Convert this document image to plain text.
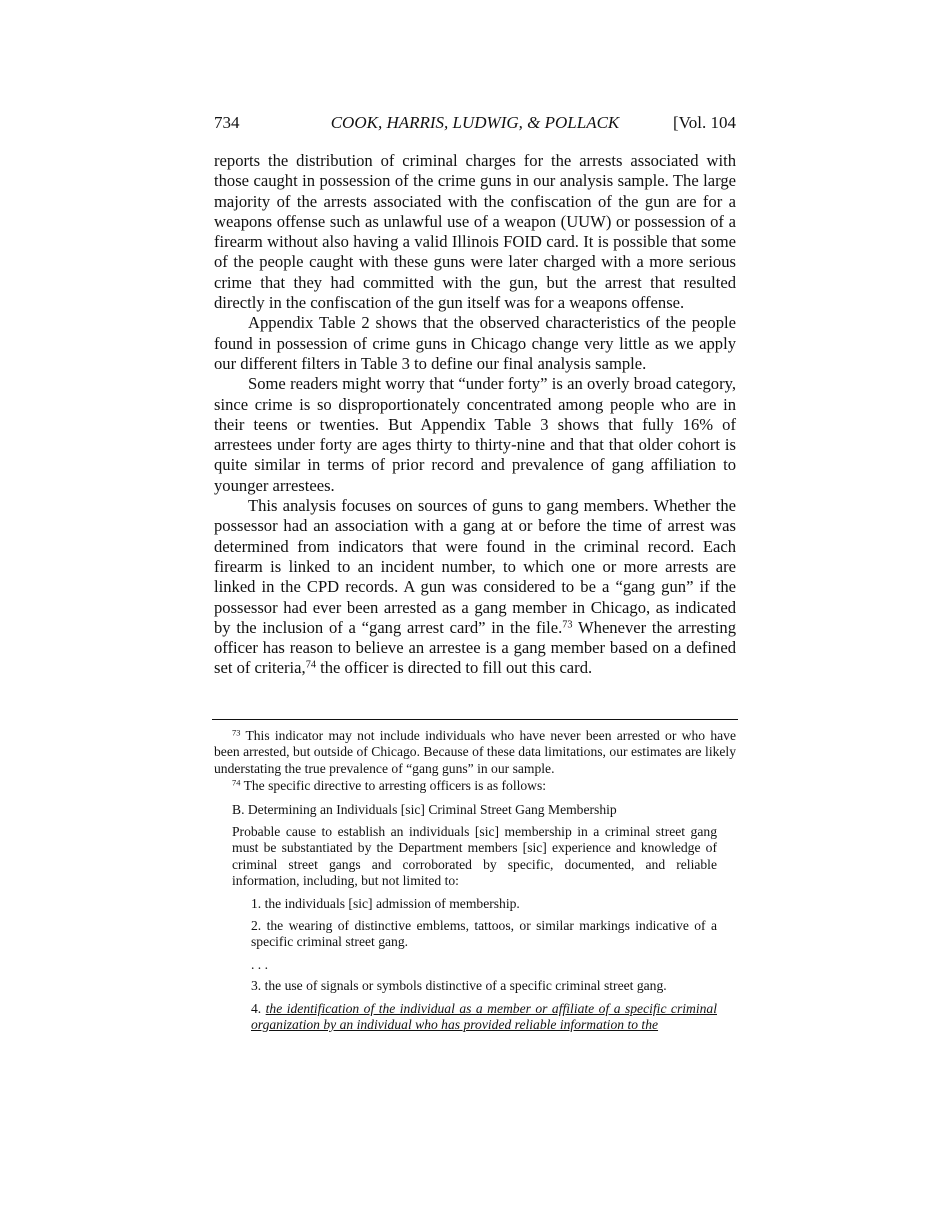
734	COOK, HARRIS, LUDWIG, & POLLACK	[Vol. 104

reports the distribution of criminal charges for the arrests associated with those caught in possession of the crime guns in our analysis sample. The large majority of the arrests associated with the confiscation of the gun are for a weapons offense such as unlawful use of a weapon (UUW) or possession of a firearm without also having a valid Illinois FOID card. It is possible that some of the people caught with these guns were later charged with a more serious crime that they had committed with the gun, but the arrest that resulted directly in the confiscation of the gun itself was for a weapons offense.

Appendix Table 2 shows that the observed characteristics of the people found in possession of crime guns in Chicago change very little as we apply our different filters in Table 3 to define our final analysis sample.

Some readers might worry that “under forty” is an overly broad category, since crime is so disproportionately concentrated among people who are in their teens or twenties. But Appendix Table 3 shows that fully 16% of arrestees under forty are ages thirty to thirty-nine and that that older cohort is quite similar in terms of prior record and prevalence of gang affiliation to younger arrestees.

This analysis focuses on sources of guns to gang members. Whether the possessor had an association with a gang at or before the time of arrest was determined from indicators that were found in the criminal record. Each firearm is linked to an incident number, to which one or more arrests are linked in the CPD records. A gun was considered to be a “gang gun” if the possessor had ever been arrested as a gang member in Chicago, as indicated by the inclusion of a “gang arrest card” in the file.$^{73}$ Whenever the arresting officer has reason to believe an arrestee is a gang member based on a defined set of criteria,$^{74}$ the officer is directed to fill out this card.

$^{73}$ This indicator may not include individuals who have never been arrested or who have been arrested, but outside of Chicago. Because of these data limitations, our estimates are likely understating the true prevalence of “gang guns” in our sample.

$^{74}$ The specific directive to arresting officers is as follows:

B. Determining an Individuals [sic] Criminal Street Gang Membership

Probable cause to establish an individuals [sic] membership in a criminal street gang must be substantiated by the Department members [sic] experience and knowledge of criminal street gangs and corroborated by specific, documented, and reliable information, including, but not limited to:

1. the individuals [sic] admission of membership.

2. the wearing of distinctive emblems, tattoos, or similar markings indicative of a specific criminal street gang.

. . .

3. the use of signals or symbols distinctive of a specific criminal street gang.

4. the identification of the individual as a member or affiliate of a specific criminal organization by an individual who has provided reliable information to the
